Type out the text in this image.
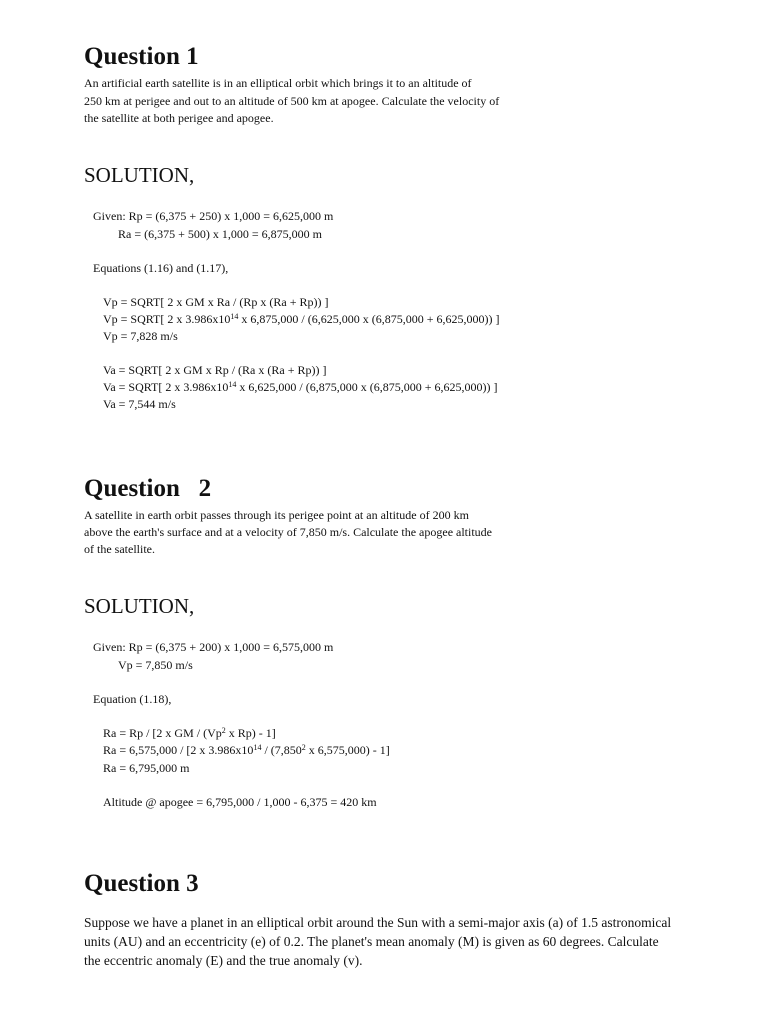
Question 1
An artificial earth satellite is in an elliptical orbit which brings it to an altitude of
250 km at perigee and out to an altitude of 500 km at apogee. Calculate the velocity of
the satellite at both perigee and apogee.
SOLUTION,
Given: Rp = (6,375 + 250) x 1,000 = 6,625,000 m
Ra = (6,375 + 500) x 1,000 = 6,875,000 m
Equations (1.16) and (1.17),
Vp = SQRT[ 2 x GM x Ra / (Rp x (Ra + Rp)) ]
Vp = SQRT[ 2 x $3.986x10^{14}$ x 6,875,000 / (6,625,000 x (6,875,000 + 6,625,000)) ]
Vp = 7,828 m/s
Va = SQRT[ 2 x GM x Rp / (Ra x (Ra + Rp)) ]
Va = SQRT[ 2 x $3.986x10^{14}$ x 6,625,000 / (6,875,000 x (6,875,000 + 6,625,000)) ]
Va = 7,544 m/s
Question   2
A satellite in earth orbit passes through its perigee point at an altitude of 200 km
above the earth's surface and at a velocity of 7,850 m/s. Calculate the apogee altitude
of the satellite.
SOLUTION,
Given: Rp = (6,375 + 200) x 1,000 = 6,575,000 m
Vp = 7,850 m/s
Equation (1.18),
Ra = Rp / [2 x GM / (Vp$^2$ x Rp) - 1]
Ra = 6,575,000 / [2 x $3.986x10^{14} / (7,850^2$ x 6,575,000) - 1]
Ra = 6,795,000 m
Altitude @ apogee = 6,795,000 / 1,000 - 6,375 = 420 km
Question 3
Suppose we have a planet in an elliptical orbit around the Sun with a semi-major axis (a) of 1.5 astronomical
units (AU) and an eccentricity (e) of 0.2. The planet's mean anomaly (M) is given as 60 degrees. Calculate
the eccentric anomaly (E) and the true anomaly (v).
